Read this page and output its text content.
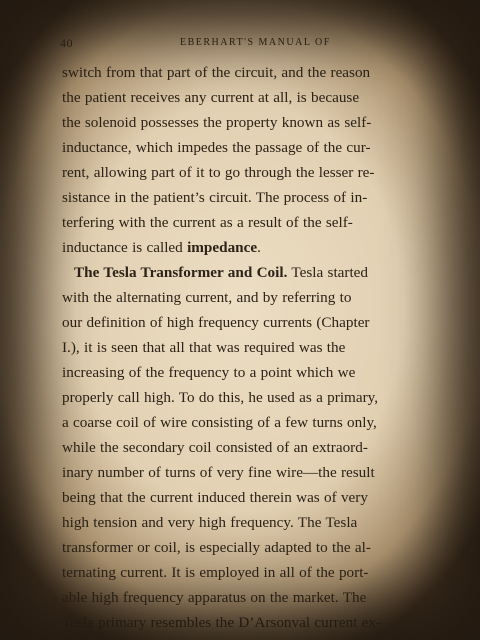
40	EBERHART'S MANUAL OF
switch from that part of the circuit, and the reason
the patient receives any current at all, is because
the solenoid possesses the property known as self-
inductance, which impedes the passage of the cur-
rent, allowing part of it to go through the lesser re-
sistance in the patient’s circuit. The process of in-
terfering with the current as a result of the self-
inductance is called impedance.
The Tesla Transformer and Coil. Tesla started
with the alternating current, and by referring to
our definition of high frequency currents (Chapter
I.), it is seen that all that was required was the
increasing of the frequency to a point which we
properly call high. To do this, he used as a primary,
a coarse coil of wire consisting of a few turns only,
while the secondary coil consisted of an extraord-
inary number of turns of very fine wire—the result
being that the current induced therein was of very
high tension and very high frequency. The Tesla
transformer or coil, is especially adapted to the al-
ternating current. It is employed in all of the port-
able high frequency apparatus on the market. The
Tesla primary resembles the D’Arsonval current ex-
